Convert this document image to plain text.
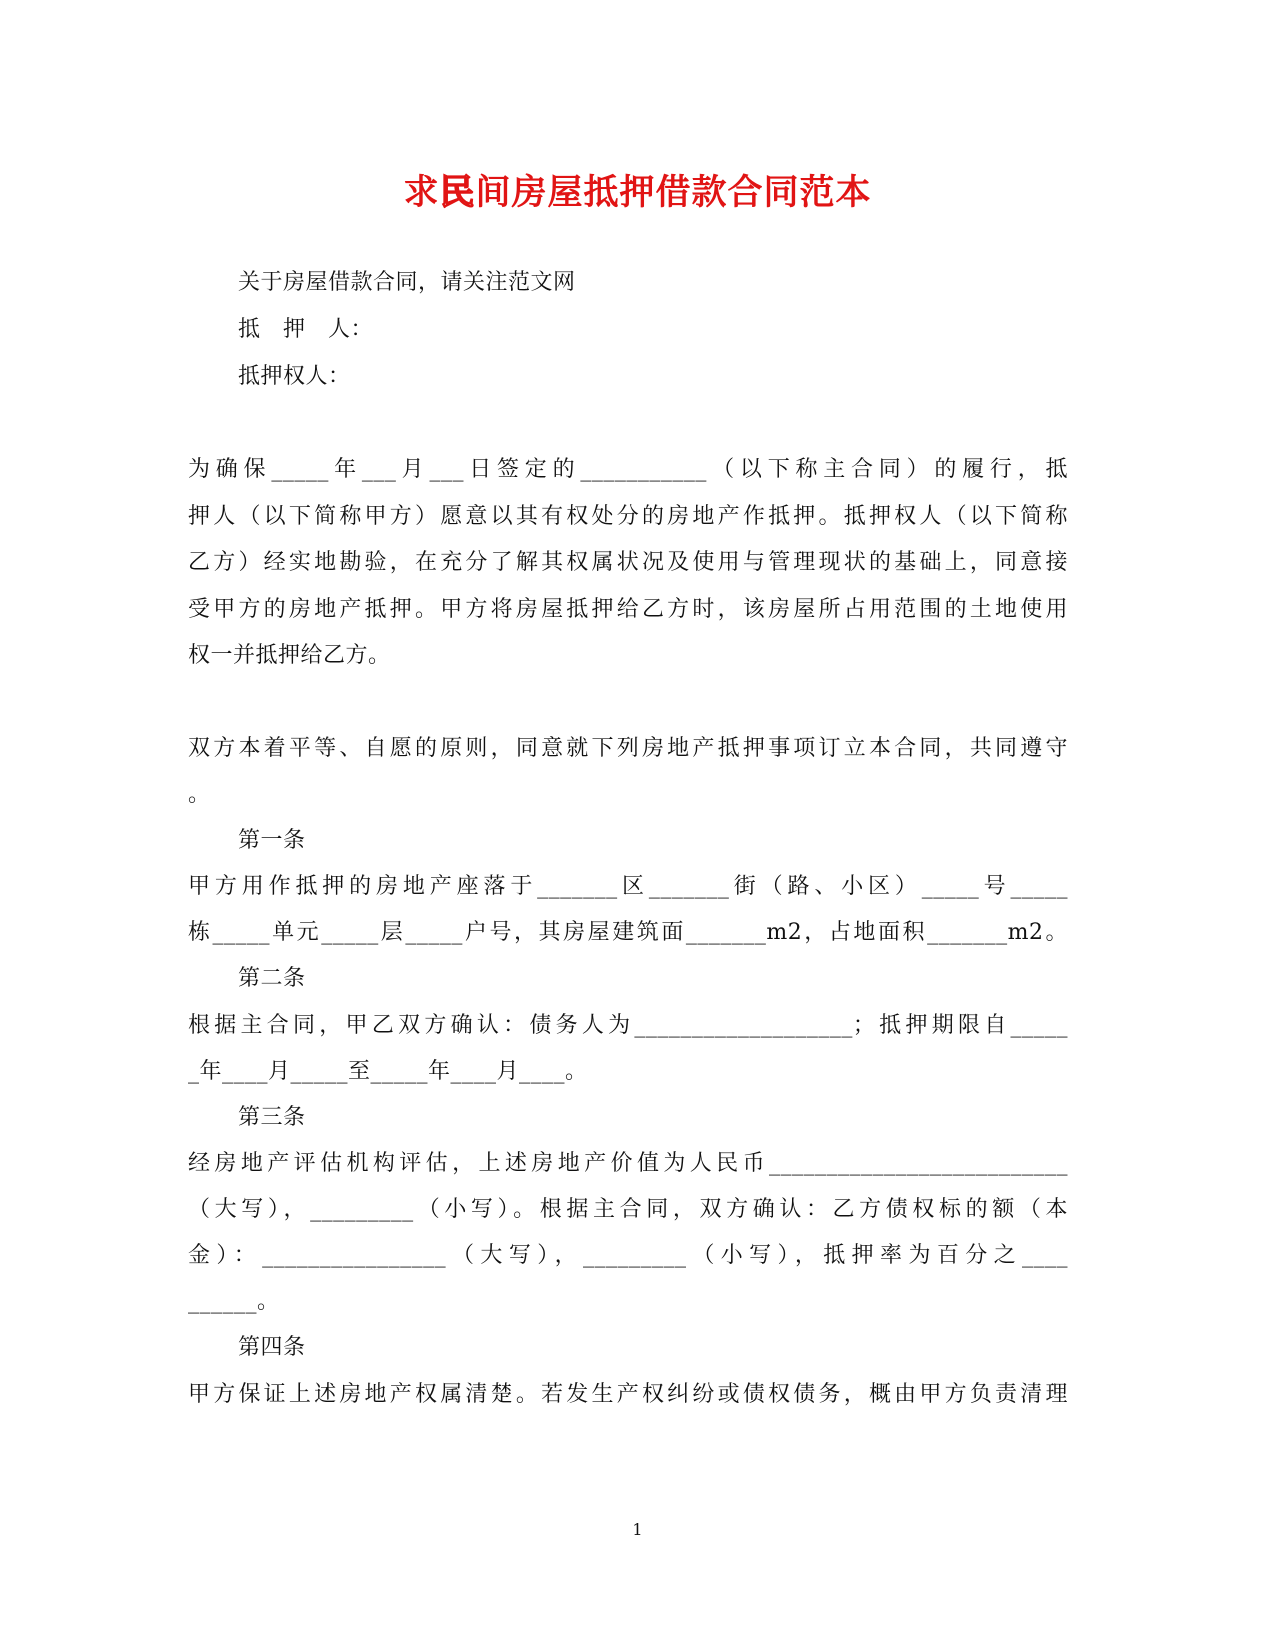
求民间房屋抵押借款合同范本
关于房屋借款合同，请关注范文网
抵　押　人：
抵押权人：
为确保_____年___月___日签定的___________（以下称主合同）的履行，抵
押人（以下简称甲方）愿意以其有权处分的房地产作抵押。抵押权人（以下简称
乙方）经实地勘验，在充分了解其权属状况及使用与管理现状的基础上，同意接
受甲方的房地产抵押。甲方将房屋抵押给乙方时，该房屋所占用范围的土地使用
权一并抵押给乙方。
双方本着平等、自愿的原则，同意就下列房地产抵押事项订立本合同，共同遵守
。
第一条
甲方用作抵押的房地产座落于_______区_______街（路、小区）_____号_____
栋_____单元_____层_____户号，其房屋建筑面_______m2，占地面积_______m2。
第二条
根据主合同，甲乙双方确认：债务人为___________________；抵押期限自_____
_年____月_____至_____年____月____。
第三条
经房地产评估机构评估，上述房地产价值为人民币__________________________
（大写），_________（小写）。根据主合同，双方确认：乙方债权标的额（本
金）：________________（大写），_________（小写），抵押率为百分之____
______。
第四条
甲方保证上述房地产权属清楚。若发生产权纠纷或债权债务，概由甲方负责清理
1
